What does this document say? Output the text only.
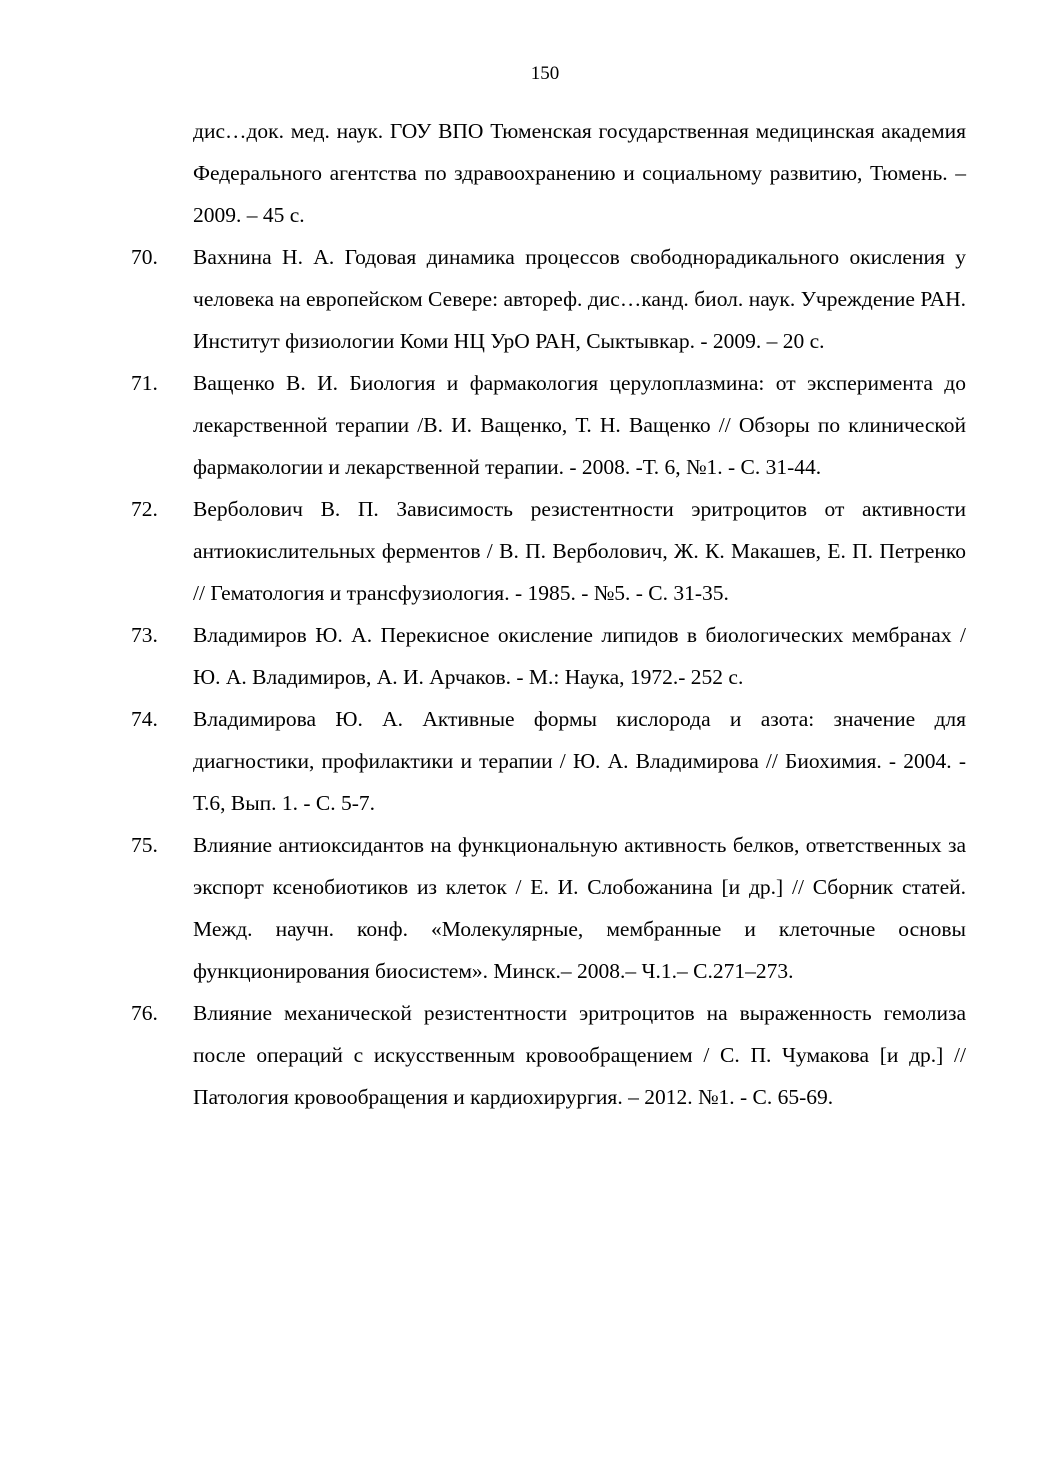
150
дис…док. мед. наук. ГОУ ВПО Тюменская государственная медицинская академия Федерального агентства по здравоохранению и социальному развитию, Тюмень. – 2009. – 45 с.
70.	Вахнина Н. А. Годовая динамика процессов свободнорадикального окисления у человека на европейском Севере: автореф. дис…канд. биол. наук. Учреждение РАН. Институт физиологии Коми НЦ УрО РАН, Сыктывкар. - 2009. – 20 с.
71.	Ващенко В. И. Биология и фармакология церулоплазмина: от эксперимента до лекарственной терапии /В. И. Ващенко, Т. Н. Ващенко // Обзоры по клинической фармакологии и лекарственной терапии. - 2008. -Т. 6, №1. - С. 31-44.
72.	Верболович В. П. Зависимость резистентности эритроцитов от активности антиокислительных ферментов / В. П. Верболович, Ж. К. Макашев, Е. П. Петренко // Гематология и трансфузиология. - 1985. - №5. - С. 31-35.
73.	Владимиров Ю. А. Перекисное окисление липидов в биологических мембранах / Ю. А. Владимиров, А. И. Арчаков. - М.: Наука, 1972.- 252 с.
74.	Владимирова Ю. А. Активные формы кислорода и азота: значение для диагностики, профилактики и терапии / Ю. А. Владимирова // Биохимия. - 2004. - Т.6, Вып. 1. - С. 5-7.
75.	Влияние антиоксидантов на функциональную активность белков, ответственных за экспорт ксенобиотиков из клеток / Е. И. Слобожанина [и др.] // Сборник статей. Межд. научн. конф. «Молекулярные, мембранные и клеточные основы функционирования биосистем». Минск.– 2008.– Ч.1.– С.271–273.
76.	Влияние механической резистентности эритроцитов на выраженность гемолиза после операций с искусственным кровообращением / С. П. Чумакова [и др.] // Патология кровообращения и кардиохирургия. – 2012. №1. - С. 65-69.
